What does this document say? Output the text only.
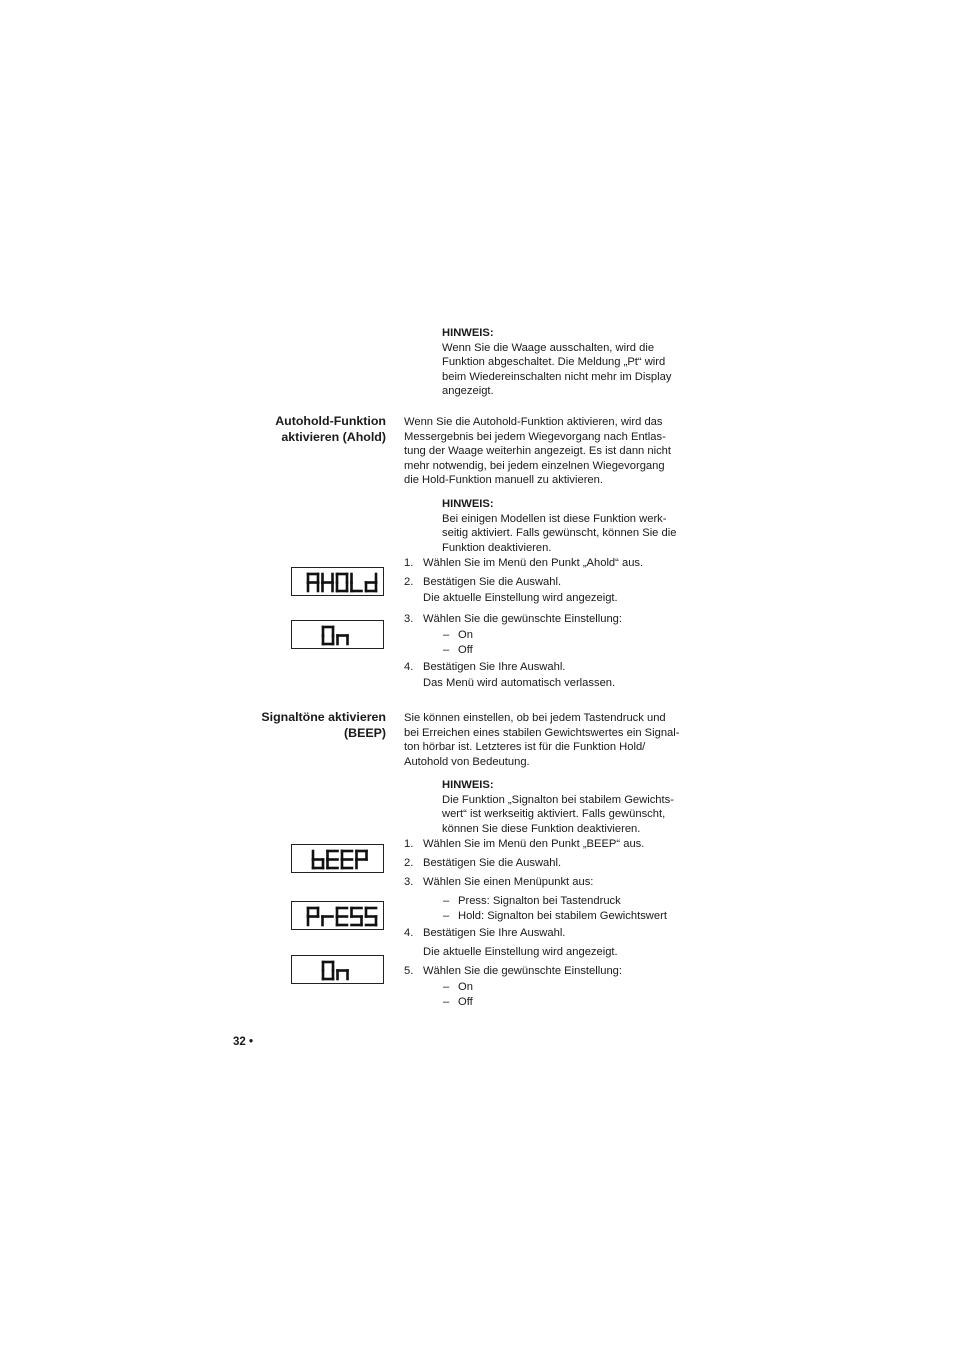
HINWEIS:
Wenn Sie die Waage ausschalten, wird die
Funktion abgeschaltet. Die Meldung „Pt“ wird
beim Wiedereinschalten nicht mehr im Display
angezeigt.
Autohold-Funktion
aktivieren (Ahold)
Wenn Sie die Autohold-Funktion aktivieren, wird das
Messergebnis bei jedem Wiegevorgang nach Entlas-
tung der Waage weiterhin angezeigt. Es ist dann nicht
mehr notwendig, bei jedem einzelnen Wiegevorgang
die Hold-Funktion manuell zu aktivieren.
HINWEIS:
Bei einigen Modellen ist diese Funktion werk-
seitig aktiviert. Falls gewünscht, können Sie die
Funktion deaktivieren.
1. Wählen Sie im Menü den Punkt „Ahold“ aus.
2. Bestätigen Sie die Auswahl.
Die aktuelle Einstellung wird angezeigt.
3. Wählen Sie die gewünschte Einstellung:
– On
– Off
4. Bestätigen Sie Ihre Auswahl.
Das Menü wird automatisch verlassen.
Signaltöne aktivieren
(BEEP)
Sie können einstellen, ob bei jedem Tastendruck und
bei Erreichen eines stabilen Gewichtswertes ein Signal-
ton hörbar ist. Letzteres ist für die Funktion Hold/
Autohold von Bedeutung.
HINWEIS:
Die Funktion „Signalton bei stabilem Gewichts-
wert“ ist werkseitig aktiviert. Falls gewünscht,
können Sie diese Funktion deaktivieren.
1. Wählen Sie im Menü den Punkt „BEEP“ aus.
2. Bestätigen Sie die Auswahl.
3. Wählen Sie einen Menüpunkt aus:
– Press: Signalton bei Tastendruck
– Hold: Signalton bei stabilem Gewichtswert
4. Bestätigen Sie Ihre Auswahl.
Die aktuelle Einstellung wird angezeigt.
5. Wählen Sie die gewünschte Einstellung:
– On
– Off
32 •
